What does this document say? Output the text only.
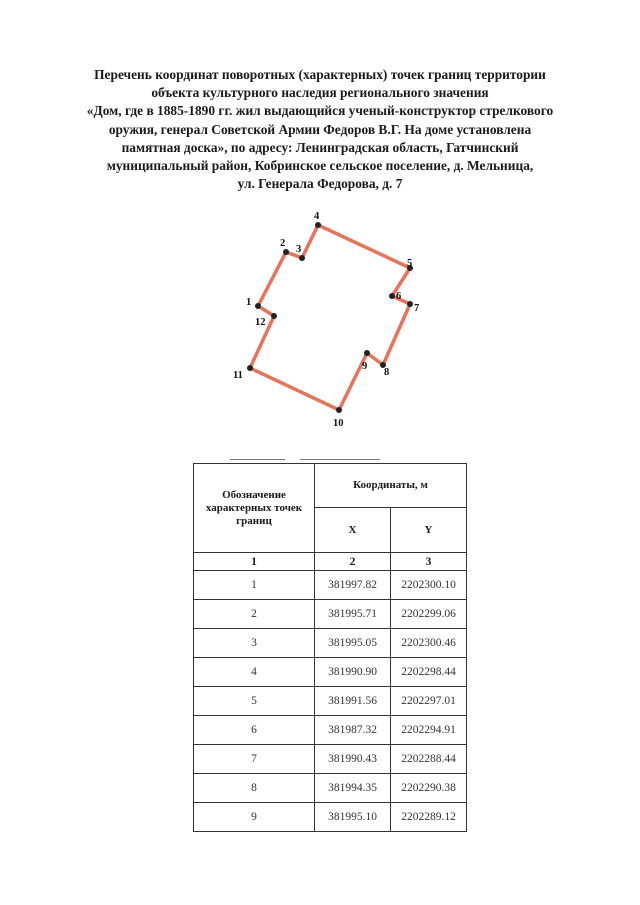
Перечень координат поворотных (характерных) точек границ территории
объекта культурного наследия регионального значения
«Дом, где в 1885-1890 гг. жил выдающийся ученый-конструктор стрелкового
оружия, генерал Советской Армии Федоров В.Г. На доме установлена
памятная доска», по адресу: Ленинградская область, Гатчинский
муниципальный район, Кобринское сельское поселение, д. Мельница,
ул. Генерала Федорова, д. 7
1
2
3
4
5
6
7
8
9
10
11
12
Обозначение характерных точек границ	Координаты, м	
	X	Y
1	2	3
1	381997.82	2202300.10
2	381995.71	2202299.06
3	381995.05	2202300.46
4	381990.90	2202298.44
5	381991.56	2202297.01
6	381987.32	2202294.91
7	381990.43	2202288.44
8	381994.35	2202290.38
9	381995.10	2202289.12
